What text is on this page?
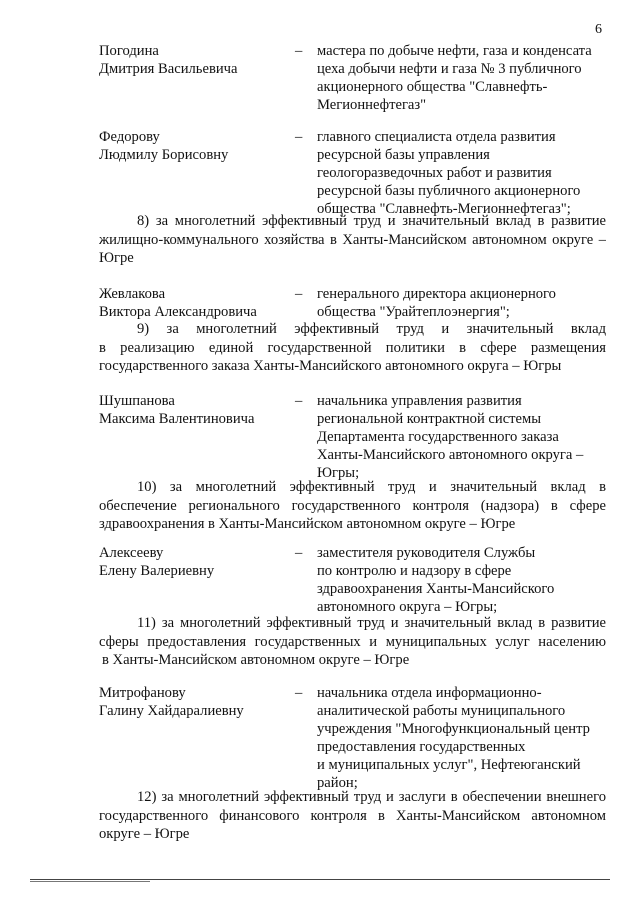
6
Погодина
Дмитрия Васильевича
– мастера по добыче нефти, газа и конденсата
цеха добычи нефти и газа № 3 публичного
акционерного общества "Славнефть-
Мегионнефтегаз"
Федорову
Людмилу Борисовну
– главного специалиста отдела развития
ресурсной базы управления
геологоразведочных работ и развития
ресурсной базы публичного акционерного
общества "Славнефть-Мегионнефтегаз";
8) за многолетний эффективный труд и значительный вклад в развитие
жилищно-коммунального хозяйства в Ханты-Мансийском автономном округе –
Югре
Жевлакова
Виктора Александровича
– генерального директора акционерного
общества "Урайтеплоэнергия";
9) за многолетний эффективный труд и значительный вклад
в реализацию единой государственной политики в сфере размещения
государственного заказа Ханты-Мансийского автономного округа – Югры
Шушпанова
Максима Валентиновича
– начальника управления развития
региональной контрактной системы
Департамента государственного заказа
Ханты-Мансийского автономного округа –
Югры;
10) за многолетний эффективный труд и значительный вклад в
обеспечение регионального государственного контроля (надзора) в сфере
здравоохранения в Ханты-Мансийском автономном округе – Югре
Алексееву
Елену Валериевну
– заместителя руководителя Службы
по контролю и надзору в сфере
здравоохранения Ханты-Мансийского
автономного округа – Югры;
11) за многолетний эффективный труд и значительный вклад в развитие
сферы предоставления государственных и муниципальных услуг населению
в Ханты-Мансийском автономном округе – Югре
Митрофанову
Галину Хайдаралиевну
– начальника отдела информационно-
аналитической работы муниципального
учреждения "Многофункциональный центр
предоставления государственных
и муниципальных услуг", Нефтеюганский
район;
12) за многолетний эффективный труд и заслуги в обеспечении внешнего
государственного финансового контроля в Ханты-Мансийском автономном
округе – Югре
